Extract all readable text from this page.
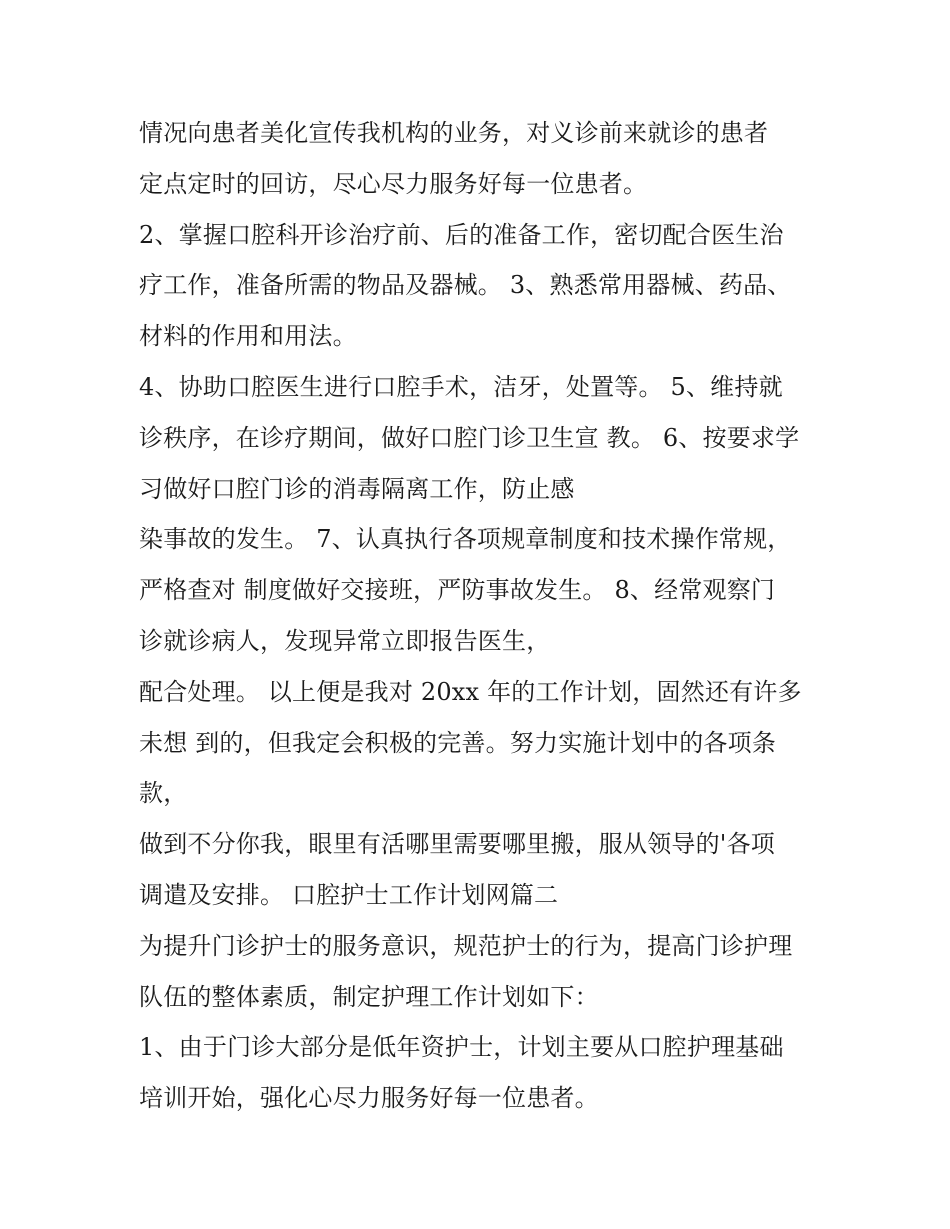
情况向患者美化宣传我机构的业务，对义诊前来就诊的患者
定点定时的回访，尽心尽力服务好每一位患者。
2、掌握口腔科开诊治疗前、后的准备工作，密切配合医生治
疗工作，准备所需的物品及器械。 3、熟悉常用器械、药品、
材料的作用和用法。
4、协助口腔医生进行口腔手术，洁牙，处置等。 5、维持就
诊秩序，在诊疗期间，做好口腔门诊卫生宣 教。 6、按要求学
习做好口腔门诊的消毒隔离工作，防止感
染事故的发生。 7、认真执行各项规章制度和技术操作常规，
严格查对 制度做好交接班，严防事故发生。 8、经常观察门
诊就诊病人，发现异常立即报告医生，
配合处理。 以上便是我对 20xx 年的工作计划，固然还有许多
未想 到的，但我定会积极的完善。努力实施计划中的各项条
款，
做到不分你我，眼里有活哪里需要哪里搬，服从领导的'各项
调遣及安排。 口腔护士工作计划网篇二
为提升门诊护士的服务意识，规范护士的行为，提高门诊护理
队伍的整体素质，制定护理工作计划如下：
1、由于门诊大部分是低年资护士，计划主要从口腔护理基础
培训开始，强化心尽力服务好每一位患者。
